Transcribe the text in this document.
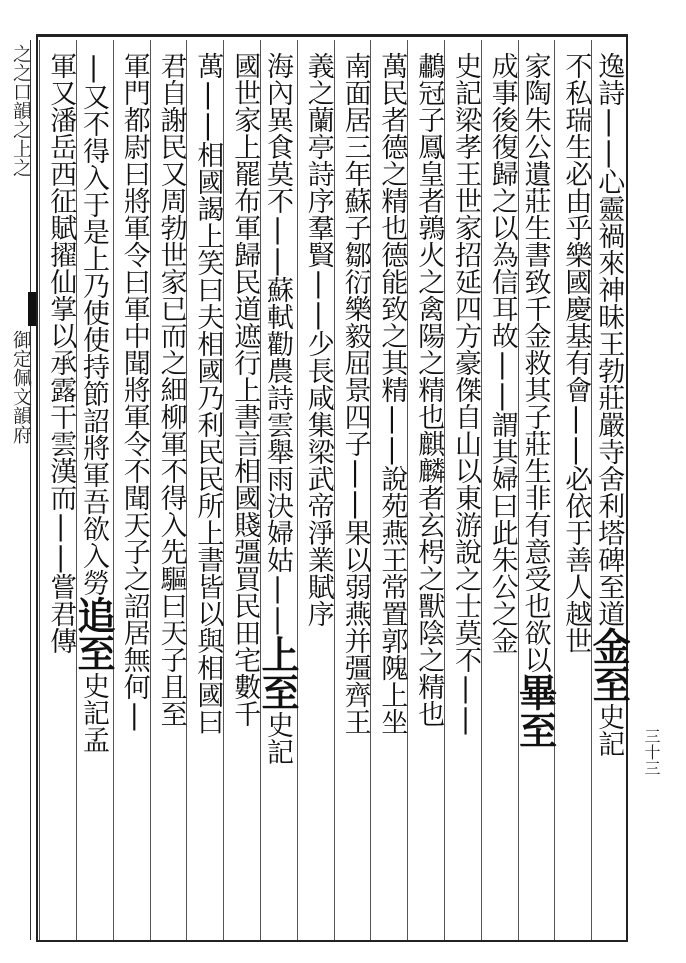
之之口韻之上之
御定佩文韻府	逸詩||心靈禍來神昧王勃莊嚴寺舍利塔碑至道金至史記
不私瑞生必由乎樂國慶基有會||必依于善人越世
家陶朱公遺莊生書致千金救其子莊生非有意受也欲以畢至
成事後復歸之以為信耳故||謂其婦曰此朱公之金
史記梁孝王世家招延四方豪傑自山以東游說之士莫不||
鷫冠子鳳皇者鶉火之禽陽之精也麒麟者玄枵之獸陰之精也
萬民者德之精也德能致之其精||說苑燕王常置郭隗上坐
南面居三年蘇子鄒衍樂毅屈景四子||果以弱燕并彊齊王
義之蘭亭詩序羣賢||少長咸集梁武帝淨業賦序
海內異食莫不||蘇軾勸農詩雲舉雨決婦姑||上至史記
國世家上罷布軍歸民道遮行上書言相國賤彊買民田宅數千
萬||相國謁上笑曰夫相國乃利民民所上書皆以與相國曰
君自謝民又周勃世家已而之細柳軍不得入先驅曰天子且至
軍門都尉曰將軍令曰軍中聞將軍令不聞天子之詔居無何|
|又不得入于是上乃使使持節詔將軍吾欲入勞追至史記孟
軍又潘岳西征賦擢仙掌以承露干雲漢而||嘗君傳
三十三
